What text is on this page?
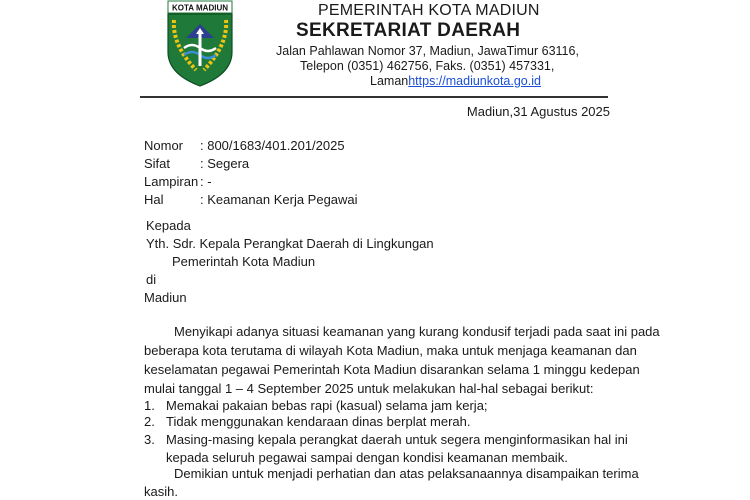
KOTA MADIUN	PEMERINTAH KOTA MADIUN
SEKRETARIAT DAERAH
Jalan Pahlawan Nomor 37, Madiun, JawaTimur 63116,
Telepon (0351) 462756, Faks. (0351) 457331,
Lamanhttps://madiunkota.go.id
Madiun,31 Agustus 2025
Nomor : 800/1683/401.201/2025
Sifat : Segera
Lampiran : -
Hal	: Keamanan Kerja Pegawai
Kepada
Yth. Sdr. Kepala Perangkat Daerah di Lingkungan
Pemerintah Kota Madiun
di
Madiun
Menyikapi adanya situasi keamanan yang kurang kondusif terjadi pada saat ini pada
beberapa kota terutama di wilayah Kota Madiun, maka untuk menjaga keamanan dan
keselamatan pegawai Pemerintah Kota Madiun disarankan selama 1 minggu kedepan
mulai tanggal 1 – 4 September 2025 untuk melakukan hal-hal sebagai berikut:
1. Memakai pakaian bebas rapi (kasual) selama jam kerja;
2. Tidak menggunakan kendaraan dinas berplat merah.
3. Masing-masing kepala perangkat daerah untuk segera menginformasikan hal ini
kepada seluruh pegawai sampai dengan kondisi keamanan membaik.
Demikian untuk menjadi perhatian dan atas pelaksanaannya disampaikan terima
kasih.
